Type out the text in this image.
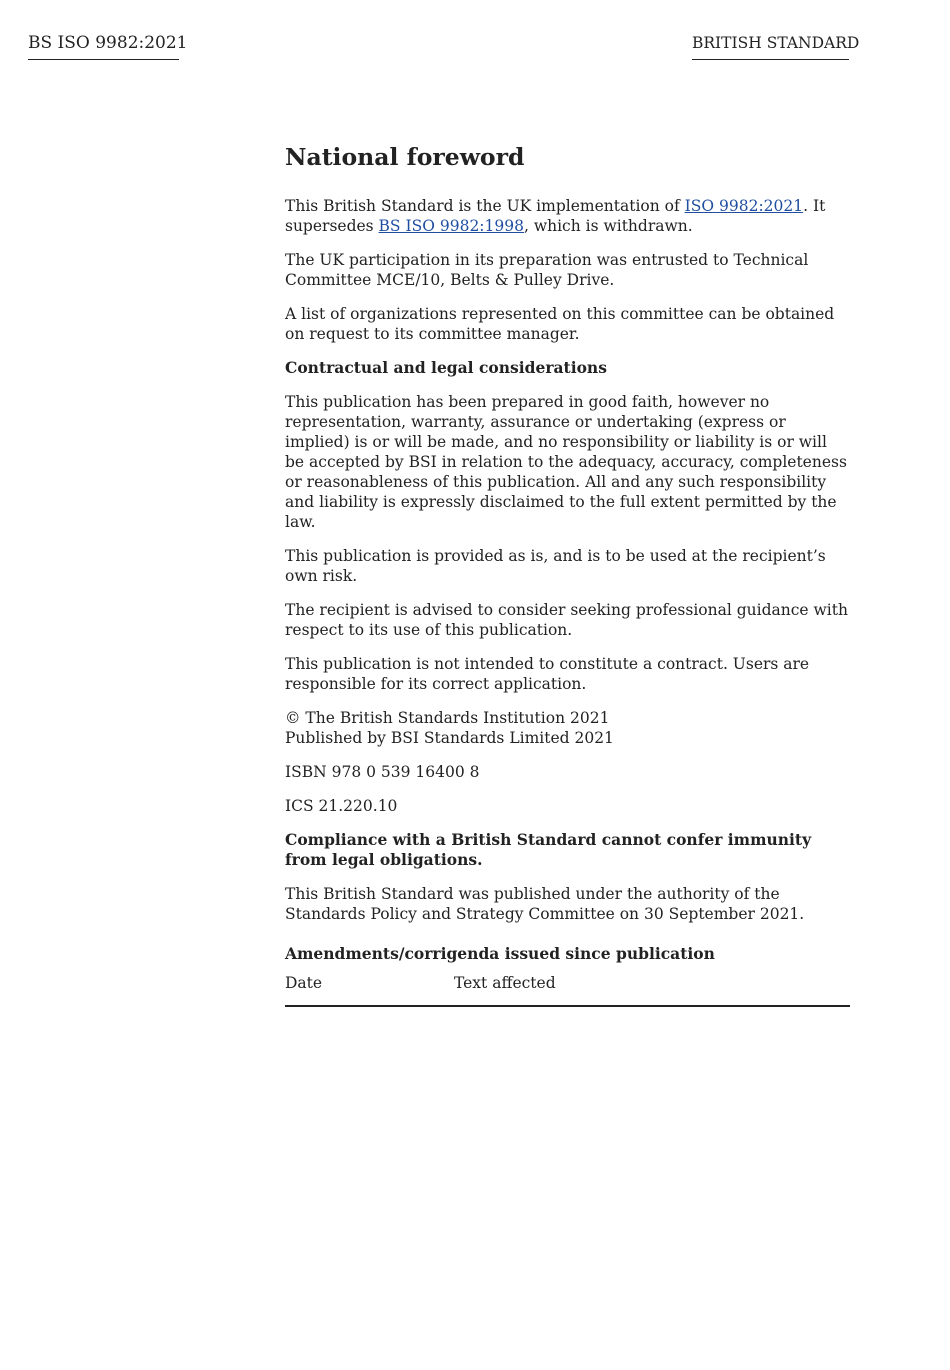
BS ISO 9982:2021	BRITISH STANDARD
National foreword

This British Standard is the UK implementation of ISO 9982:2021. It supersedes BS ISO 9982:1998, which is withdrawn.

The UK participation in its preparation was entrusted to Technical Committee MCE/10, Belts & Pulley Drive.

A list of organizations represented on this committee can be obtained on request to its committee manager.

Contractual and legal considerations

This publication has been prepared in good faith, however no representation, warranty, assurance or undertaking (express or implied) is or will be made, and no responsibility or liability is or will be accepted by BSI in relation to the adequacy, accuracy, completeness or reasonableness of this publication. All and any such responsibility and liability is expressly disclaimed to the full extent permitted by the law.

This publication is provided as is, and is to be used at the recipient’s own risk.

The recipient is advised to consider seeking professional guidance with respect to its use of this publication.

This publication is not intended to constitute a contract. Users are responsible for its correct application.

© The British Standards Institution 2021
Published by BSI Standards Limited 2021

ISBN 978 0 539 16400 8

ICS 21.220.10

Compliance with a British Standard cannot confer immunity from legal obligations.

This British Standard was published under the authority of the Standards Policy and Strategy Committee on 30 September 2021.

Amendments/corrigenda issued since publication

Date	Text affected
